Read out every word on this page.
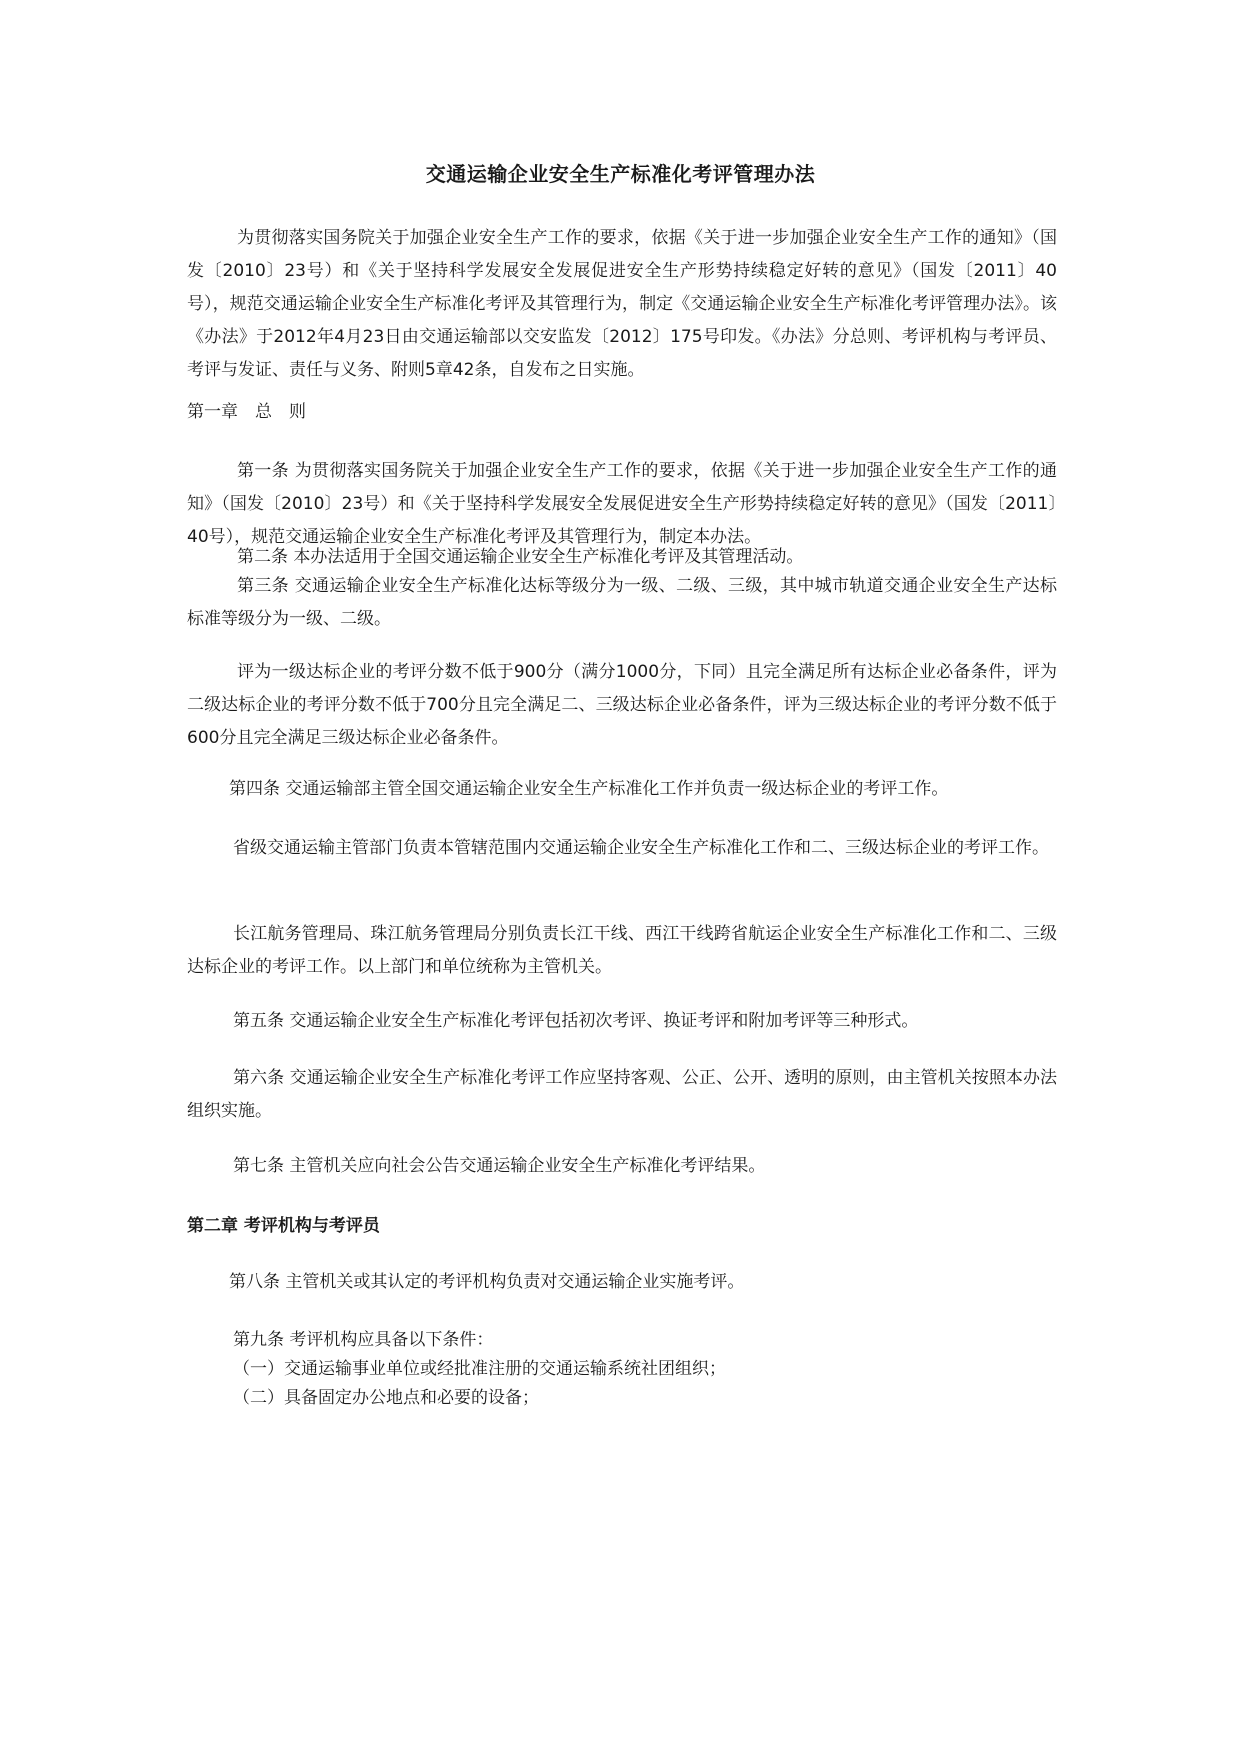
交通运输企业安全生产标准化考评管理办法

为贯彻落实国务院关于加强企业安全生产工作的要求，依据《关于进一步加强企业安全生产工作的通知》（国发〔2010〕23号）和《关于坚持科学发展安全发展促进安全生产形势持续稳定好转的意见》（国发〔2011〕40号），规范交通运输企业安全生产标准化考评及其管理行为，制定《交通运输企业安全生产标准化考评管理办法》。该《办法》于2012年4月23日由交通运输部以交安监发〔2012〕175号印发。《办法》分总则、考评机构与考评员、考评与发证、责任与义务、附则5章42条，自发布之日实施。

第一章　总　则

第一条 为贯彻落实国务院关于加强企业安全生产工作的要求，依据《关于进一步加强企业安全生产工作的通知》（国发〔2010〕23号）和《关于坚持科学发展安全发展促进安全生产形势持续稳定好转的意见》（国发〔2011〕40号），规范交通运输企业安全生产标准化考评及其管理行为，制定本办法。

第二条 本办法适用于全国交通运输企业安全生产标准化考评及其管理活动。

第三条 交通运输企业安全生产标准化达标等级分为一级、二级、三级，其中城市轨道交通企业安全生产达标标准等级分为一级、二级。

评为一级达标企业的考评分数不低于900分（满分1000分，下同）且完全满足所有达标企业必备条件，评为二级达标企业的考评分数不低于700分且完全满足二、三级达标企业必备条件，评为三级达标企业的考评分数不低于600分且完全满足三级达标企业必备条件。

第四条 交通运输部主管全国交通运输企业安全生产标准化工作并负责一级达标企业的考评工作。

省级交通运输主管部门负责本管辖范围内交通运输企业安全生产标准化工作和二、三级达标企业的考评工作。

长江航务管理局、珠江航务管理局分别负责长江干线、西江干线跨省航运企业安全生产标准化工作和二、三级达标企业的考评工作。以上部门和单位统称为主管机关。

第五条 交通运输企业安全生产标准化考评包括初次考评、换证考评和附加考评等三种形式。

第六条 交通运输企业安全生产标准化考评工作应坚持客观、公正、公开、透明的原则，由主管机关按照本办法组织实施。

第七条 主管机关应向社会公告交通运输企业安全生产标准化考评结果。

第二章 考评机构与考评员

第八条 主管机关或其认定的考评机构负责对交通运输企业实施考评。

第九条 考评机构应具备以下条件：

（一）交通运输事业单位或经批准注册的交通运输系统社团组织；

（二）具备固定办公地点和必要的设备；
